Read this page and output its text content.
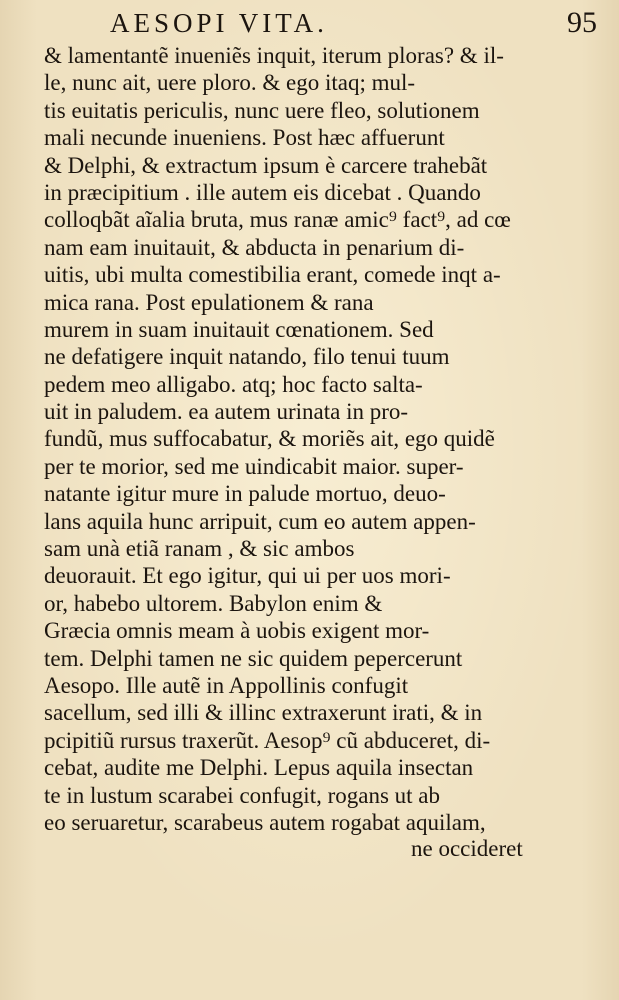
AESOPI VITA.	95
& lamentantẽ inueniẽs inquit, iterum ploras? & il-
le, nunc ait, uere ploro. & ego itaq; mul-
tis euitatis periculis, nunc uere fleo, solutionem
mali necunde inueniens. Post hæc affuerunt
& Delphi, & extractum ipsum è carcere trahebãt
in præcipitium . ille autem eis dicebat . Quando
colloqbãt aĩalia bruta, mus ranæ amic⁹ fact⁹, ad cœ
nam eam inuitauit, & abducta in penarium di-
uitis, ubi multa comestibilia erant, comede inqt a-
mica rana. Post epulationem & rana
murem in suam inuitauit cœnationem. Sed
ne defatigere inquit natando, filo tenui tuum
pedem meo alligabo. atq; hoc facto salta-
uit in paludem. ea autem urinata in pro-
fundũ, mus suffocabatur, & moriẽs ait, ego quidẽ
per te morior, sed me uindicabit maior. super-
natante igitur mure in palude mortuo, deuo-
lans aquila hunc arripuit, cum eo autem appen-
sam unà etiã ranam , & sic ambos
deuorauit. Et ego igitur, qui ui per uos mori-
or, habebo ultorem. Babylon enim &
Græcia omnis meam à uobis exigent mor-
tem. Delphi tamen ne sic quidem pepercerunt
Aesopo. Ille autẽ in Appollinis confugit
sacellum, sed illi & illinc extraxerunt irati, & in
pcipitiũ rursus traxerũt. Aesop⁹ cũ abduceret, di-
cebat, audite me Delphi. Lepus aquila insectan
te in lustum scarabei confugit, rogans ut ab
eo seruaretur, scarabeus autem rogabat aquilam,
ne occideret
